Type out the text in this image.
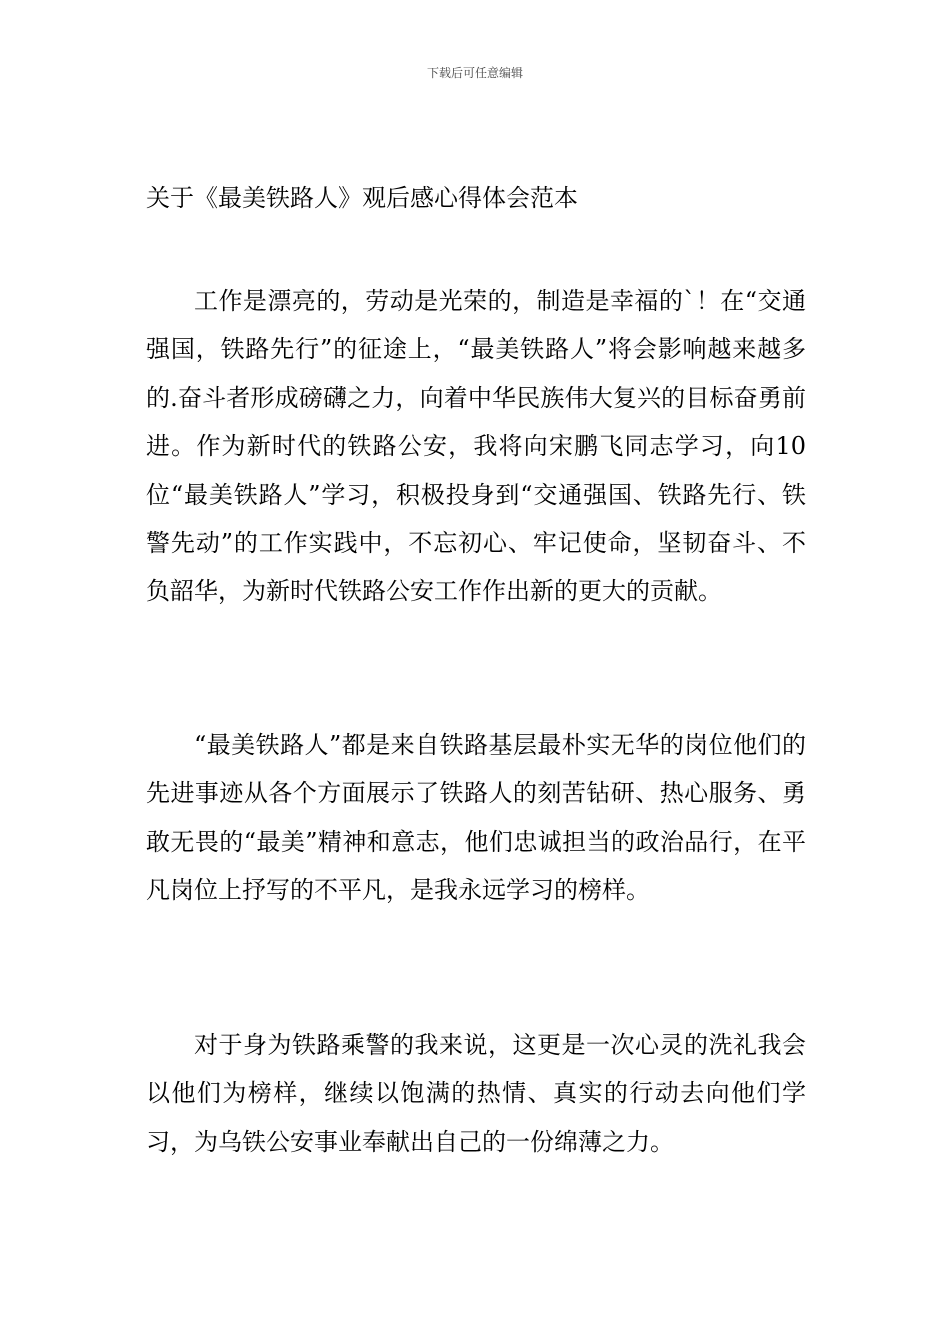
下载后可任意编辑
关于《最美铁路人》观后感心得体会范本

工作是漂亮的，劳动是光荣的，制造是幸福的`！在“交通强国，铁路先行”的征途上，“最美铁路人”将会影响越来越多的.奋斗者形成磅礴之力，向着中华民族伟大复兴的目标奋勇前进。作为新时代的铁路公安，我将向宋鹏飞同志学习，向10位“最美铁路人”学习，积极投身到“交通强国、铁路先行、铁警先动”的工作实践中，不忘初心、牢记使命，坚韧奋斗、不负韶华，为新时代铁路公安工作作出新的更大的贡献。

“最美铁路人”都是来自铁路基层最朴实无华的岗位他们的先进事迹从各个方面展示了铁路人的刻苦钻研、热心服务、勇敢无畏的“最美”精神和意志，他们忠诚担当的政治品行，在平凡岗位上抒写的不平凡，是我永远学习的榜样。

对于身为铁路乘警的我来说，这更是一次心灵的洗礼我会以他们为榜样，继续以饱满的热情、真实的行动去向他们学习，为乌铁公安事业奉献出自己的一份绵薄之力。
